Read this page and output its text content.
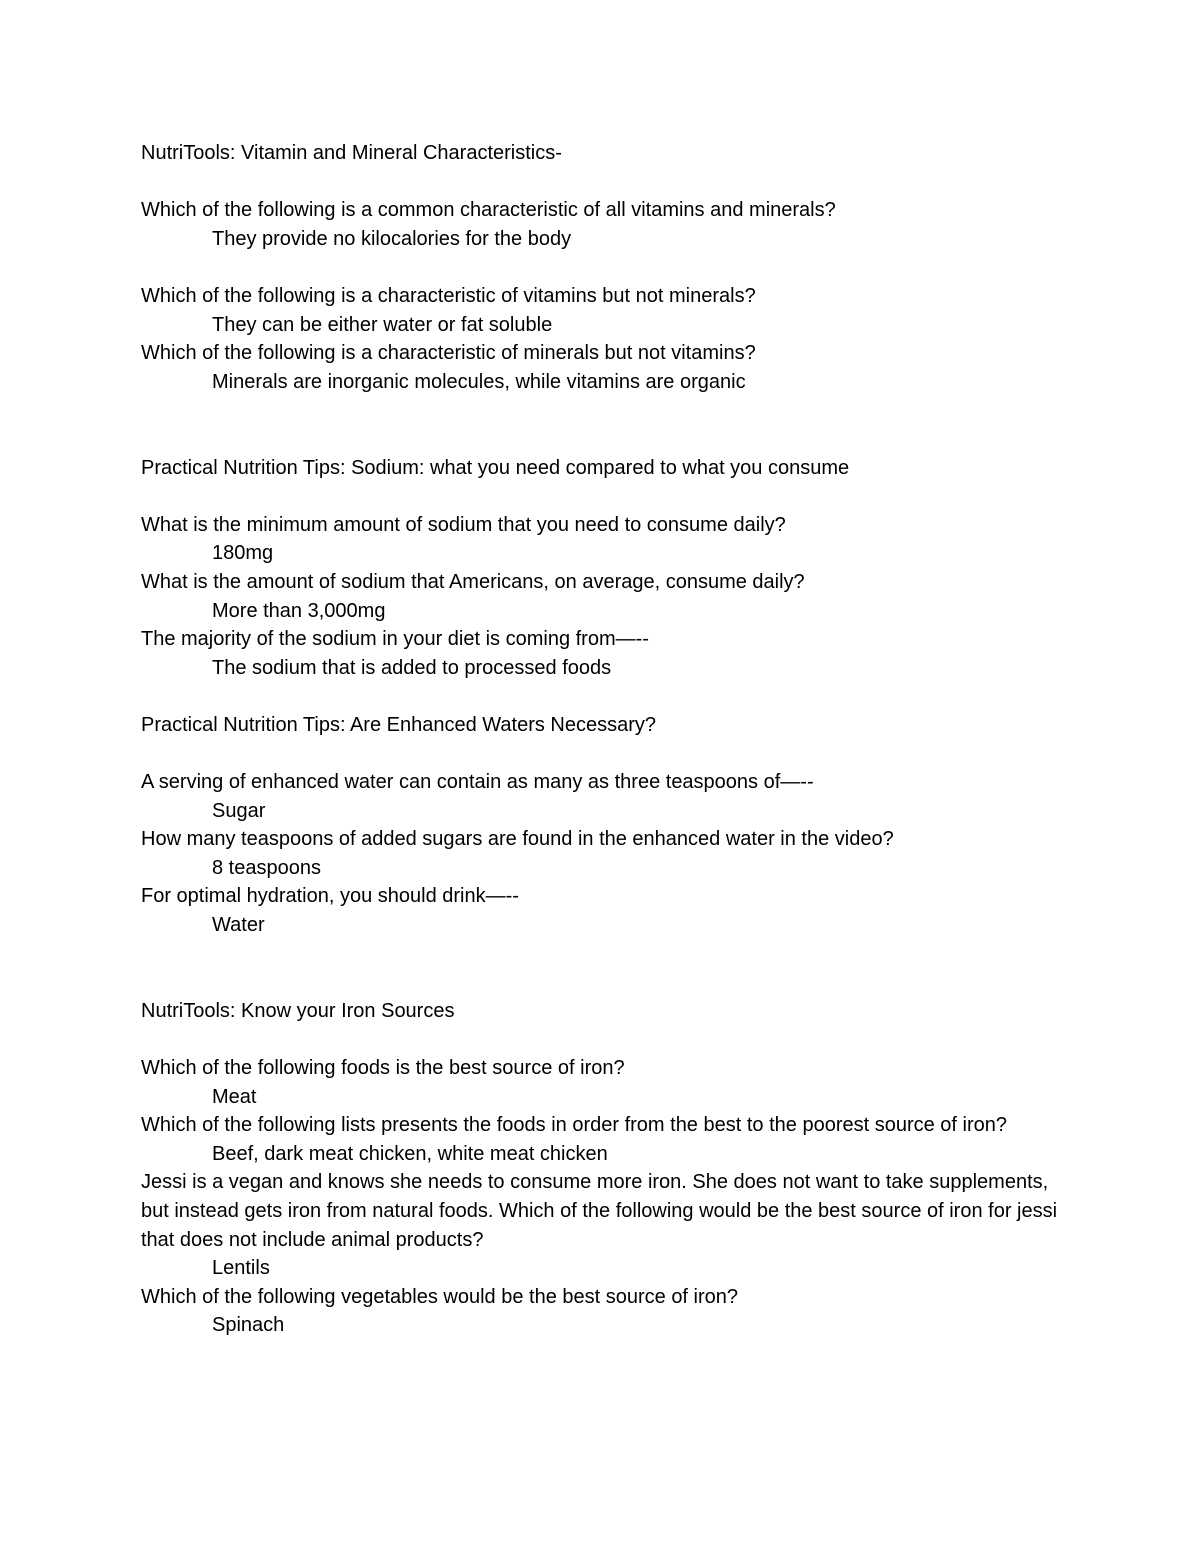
NutriTools: Vitamin and Mineral Characteristics-

Which of the following is a common characteristic of all vitamins and minerals?

They provide no kilocalories for the body

Which of the following is a characteristic of vitamins but not minerals?

They can be either water or fat soluble

Which of the following is a characteristic of minerals but not vitamins?

Minerals are inorganic molecules, while vitamins are organic

Practical Nutrition Tips: Sodium: what you need compared to what you consume

What is the minimum amount of sodium that you need to consume daily?

180mg

What is the amount of sodium that Americans, on average, consume daily?

More than 3,000mg

The majority of the sodium in your diet is coming from—--

The sodium that is added to processed foods

Practical Nutrition Tips: Are Enhanced Waters Necessary?

A serving of enhanced water can contain as many as three teaspoons of—--

Sugar

How many teaspoons of added sugars are found in the enhanced water in the video?

8 teaspoons

For optimal hydration, you should drink—--

Water

NutriTools: Know your Iron Sources

Which of the following foods is the best source of iron?

Meat

Which of the following lists presents the foods in order from the best to the poorest source of iron?

Beef, dark meat chicken, white meat chicken

Jessi is a vegan and knows she needs to consume more iron. She does not want to take supplements, but instead gets iron from natural foods. Which of the following would be the best source of iron for jessi that does not include animal products?

Lentils

Which of the following vegetables would be the best source of iron?

Spinach
